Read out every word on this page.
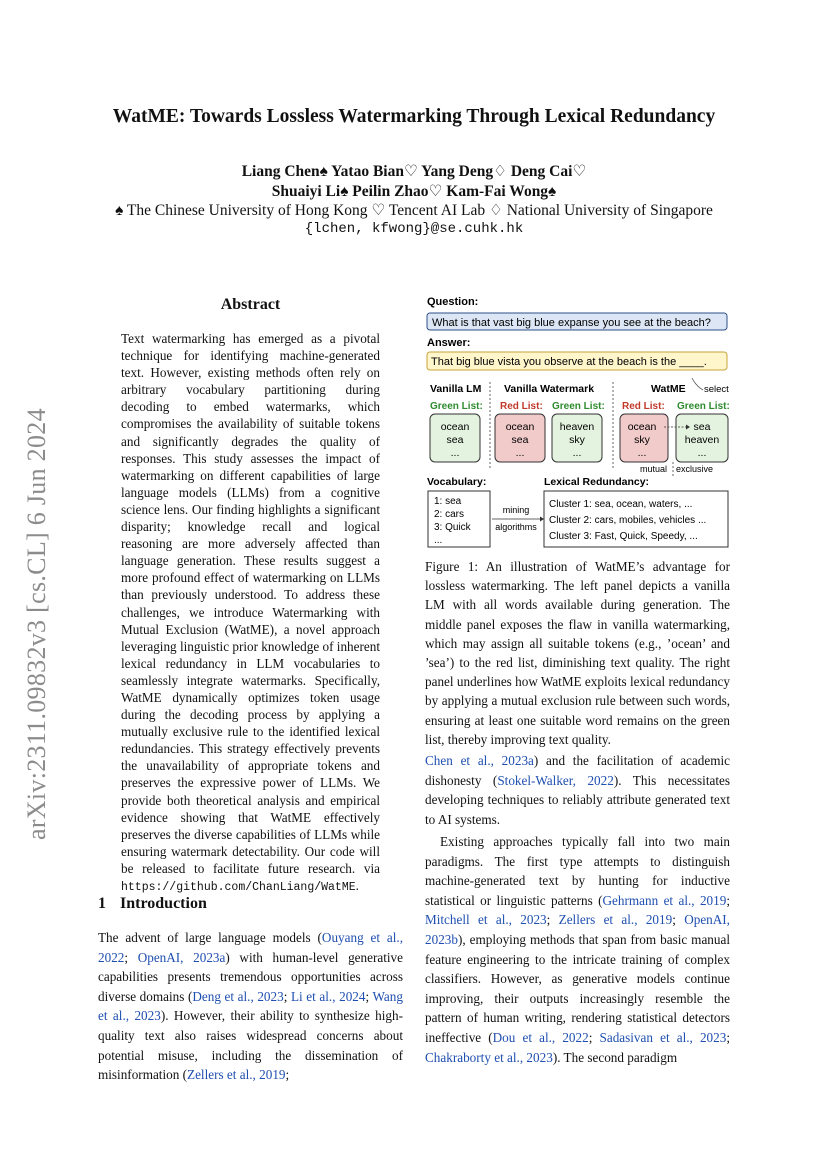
arXiv:2311.09832v3 [cs.CL] 6 Jun 2024
WatME: Towards Lossless Watermarking Through Lexical Redundancy
Liang Chen♠ Yatao Bian♡ Yang Deng♢ Deng Cai♡
Shuaiyi Li♠ Peilin Zhao♡ Kam-Fai Wong♠
♠ The Chinese University of Hong Kong ♡ Tencent AI Lab ♢ National University of Singapore
{lchen, kfwong}@se.cuhk.hk
Abstract
Text watermarking has emerged as a pivotal technique for identifying machine-generated text. However, existing methods often rely on arbitrary vocabulary partitioning during decoding to embed watermarks, which compromises the availability of suitable tokens and significantly degrades the quality of responses. This study assesses the impact of watermarking on different capabilities of large language models (LLMs) from a cognitive science lens. Our finding highlights a significant disparity; knowledge recall and logical reasoning are more adversely affected than language generation. These results suggest a more profound effect of watermarking on LLMs than previously understood. To address these challenges, we introduce Watermarking with Mutual Exclusion (WatME), a novel approach leveraging linguistic prior knowledge of inherent lexical redundancy in LLM vocabularies to seamlessly integrate watermarks. Specifically, WatME dynamically optimizes token usage during the decoding process by applying a mutually exclusive rule to the identified lexical redundancies. This strategy effectively prevents the unavailability of appropriate tokens and preserves the expressive power of LLMs. We provide both theoretical analysis and empirical evidence showing that WatME effectively preserves the diverse capabilities of LLMs while ensuring watermark detectability. Our code will be released to facilitate future research. via https://github.com/ChanLiang/WatME.
1 Introduction
The advent of large language models (Ouyang et al., 2022; OpenAI, 2023a) with human-level generative capabilities presents tremendous opportunities across diverse domains (Deng et al., 2023; Li et al., 2024; Wang et al., 2023). However, their ability to synthesize high-quality text also raises widespread concerns about potential misuse, including the dissemination of misinformation (Zellers et al., 2019;
Question:
What is that vast big blue expanse you see at the beach?
Answer:
That big blue vista you observe at the beach is the ____.
Vanilla LM Vanilla Watermark	WatME select
Green List: Red List: Green List: Red List: Green List:
ocean
sea
...
ocean
sea
...
heaven
sky
...
ocean
sky
...
sea
heaven
...
mutual exclusive
Vocabulary:
1: sea
2: cars
3: Quick
...
mining
algorithms
Lexical Redundancy:
Cluster 1: sea, ocean, waters, ...
Cluster 2: cars, mobiles, vehicles ...
Cluster 3: Fast, Quick, Speedy, ...
Figure 1: An illustration of WatME’s advantage for lossless watermarking. The left panel depicts a vanilla LM with all words available during generation. The middle panel exposes the flaw in vanilla watermarking, which may assign all suitable tokens (e.g., ’ocean’ and ’sea’) to the red list, diminishing text quality. The right panel underlines how WatME exploits lexical redundancy by applying a mutual exclusion rule between such words, ensuring at least one suitable word remains on the green list, thereby improving text quality.
Chen et al., 2023a) and the facilitation of academic dishonesty (Stokel-Walker, 2022). This necessitates developing techniques to reliably attribute generated text to AI systems.
Existing approaches typically fall into two main paradigms. The first type attempts to distinguish machine-generated text by hunting for inductive statistical or linguistic patterns (Gehrmann et al., 2019; Mitchell et al., 2023; Zellers et al., 2019; OpenAI, 2023b), employing methods that span from basic manual feature engineering to the intricate training of complex classifiers. However, as generative models continue improving, their outputs increasingly resemble the pattern of human writing, rendering statistical detectors ineffective (Dou et al., 2022; Sadasivan et al., 2023; Chakraborty et al., 2023). The second paradigm
